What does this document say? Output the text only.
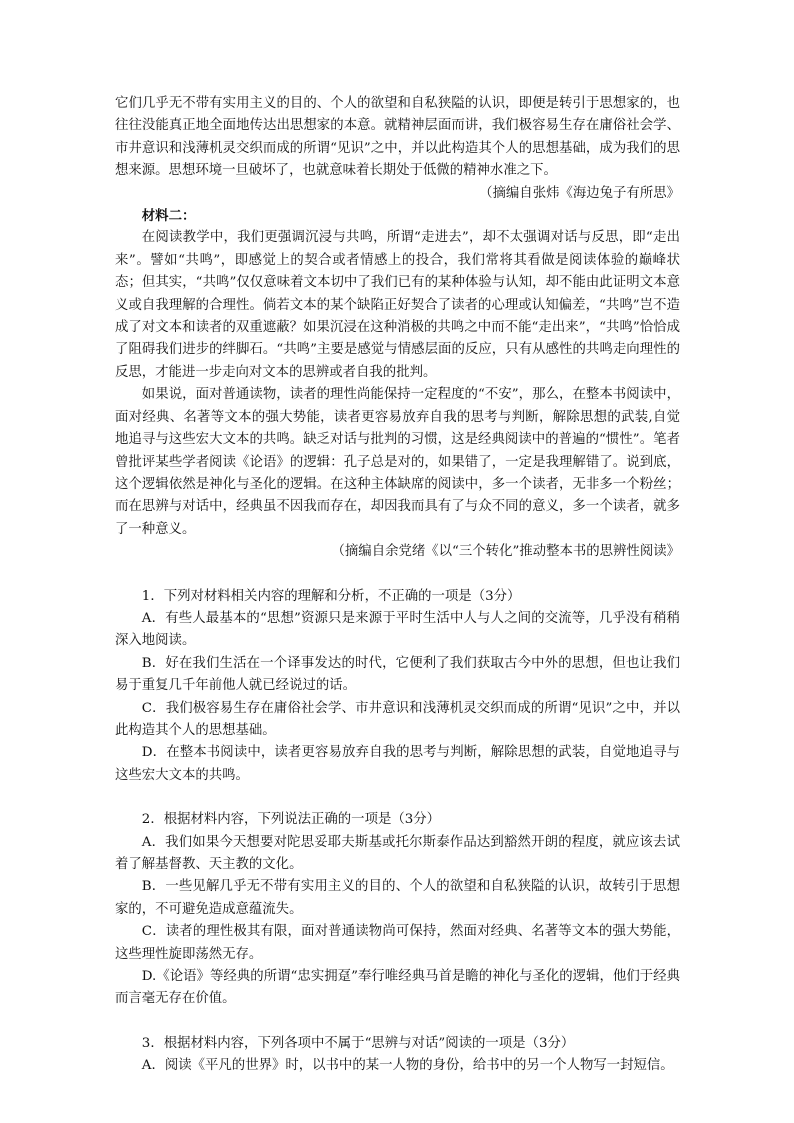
它们几乎无不带有实用主义的目的、个人的欲望和自私狭隘的认识，即便是转引于思想家的，也往往没能真正地全面地传达出思想家的本意。就精神层面而讲，我们极容易生存在庸俗社会学、市井意识和浅薄机灵交织而成的所谓“见识”之中，并以此构造其个人的思想基础，成为我们的思想来源。思想环境一旦破坏了，也就意味着长期处于低微的精神水准之下。

（摘编自张炜《海边兔子有所思》

材料二：

在阅读教学中，我们更强调沉浸与共鸣，所谓“走进去”，却不太强调对话与反思，即“走出来”。譬如“共鸣”，即感觉上的契合或者情感上的投合，我们常将其看做是阅读体验的巅峰状态；但其实，“共鸣”仅仅意味着文本切中了我们已有的某种体验与认知，却不能由此证明文本意义或自我理解的合理性。倘若文本的某个缺陷正好契合了读者的心理或认知偏差，“共鸣”岂不造成了对文本和读者的双重遮蔽？如果沉浸在这种消极的共鸣之中而不能“走出来”，“共鸣”恰恰成了阻碍我们进步的绊脚石。“共鸣”主要是感觉与情感层面的反应，只有从感性的共鸣走向理性的反思，才能进一步走向对文本的思辨或者自我的批判。

如果说，面对普通读物，读者的理性尚能保持一定程度的“不安”，那么，在整本书阅读中，面对经典、名著等文本的强大势能，读者更容易放弃自我的思考与判断，解除思想的武装,自觉地追寻与这些宏大文本的共鸣。缺乏对话与批判的习惯，这是经典阅读中的普遍的“惯性”。笔者曾批评某些学者阅读《论语》的逻辑：孔子总是对的，如果错了，一定是我理解错了。说到底，这个逻辑依然是神化与圣化的逻辑。在这种主体缺席的阅读中，多一个读者，无非多一个粉丝；而在思辨与对话中，经典虽不因我而存在，却因我而具有了与众不同的意义，多一个读者，就多了一种意义。

（摘编自余党绪《以“三个转化”推动整本书的思辨性阅读》

1．下列对材料相关内容的理解和分析，不正确的一项是（3分）

A．有些人最基本的“思想”资源只是来源于平时生活中人与人之间的交流等，几乎没有稍稍深入地阅读。

B．好在我们生活在一个译事发达的时代，它便利了我们获取古今中外的思想，但也让我们易于重复几千年前他人就已经说过的话。

C．我们极容易生存在庸俗社会学、市井意识和浅薄机灵交织而成的所谓“见识”之中，并以此构造其个人的思想基础。

D．在整本书阅读中，读者更容易放弃自我的思考与判断，解除思想的武装，自觉地追寻与这些宏大文本的共鸣。

2．根据材料内容，下列说法正确的一项是（3分）

A．我们如果今天想要对陀思妥耶夫斯基或托尔斯泰作品达到豁然开朗的程度，就应该去试着了解基督教、天主教的文化。

B．一些见解几乎无不带有实用主义的目的、个人的欲望和自私狭隘的认识，故转引于思想家的，不可避免造成意蕴流失。

C．读者的理性极其有限，面对普通读物尚可保持，然面对经典、名著等文本的强大势能，这些理性旋即荡然无存。

D.《论语》等经典的所谓“忠实拥趸”奉行唯经典马首是瞻的神化与圣化的逻辑，他们于经典而言毫无存在价值。

3．根据材料内容，下列各项中不属于“思辨与对话”阅读的一项是（3分）

A．阅读《平凡的世界》时，以书中的某一人物的身份，给书中的另一个人物写一封短信。
